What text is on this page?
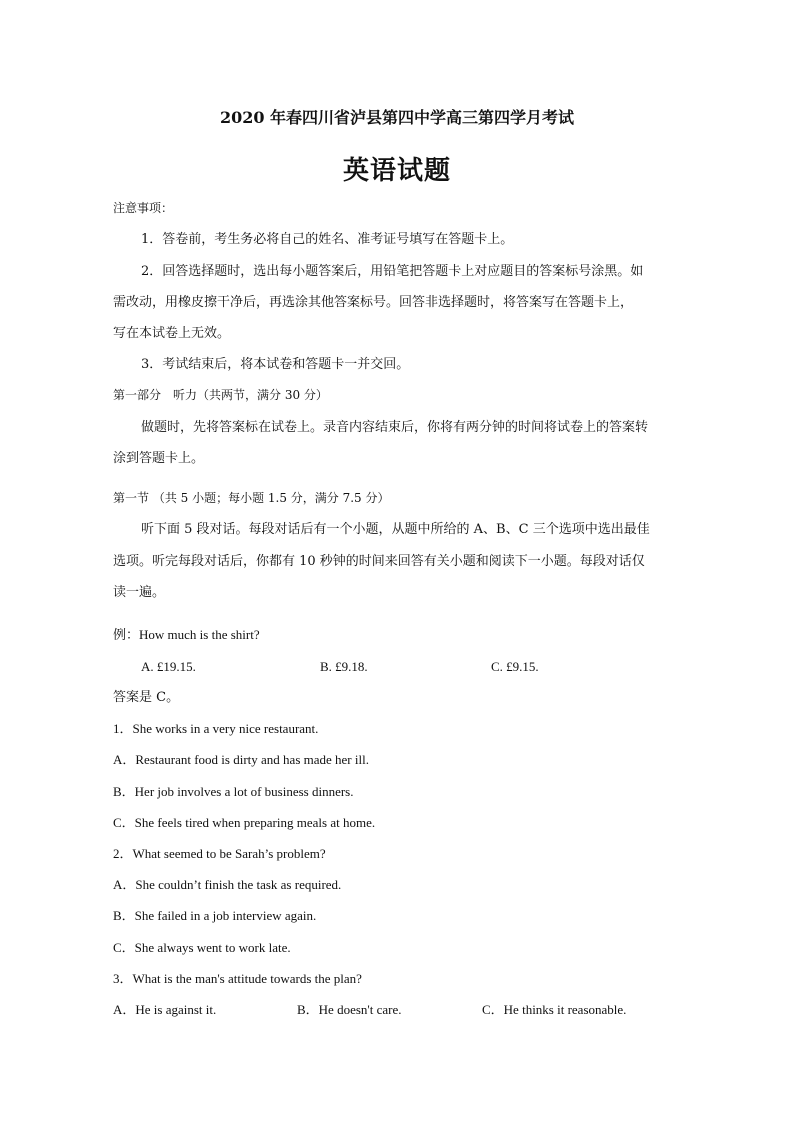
2020 年春四川省泸县第四中学高三第四学月考试
英语试题
注意事项：
1．答卷前，考生务必将自己的姓名、准考证号填写在答题卡上。
2．回答选择题时，选出每小题答案后，用铅笔把答题卡上对应题目的答案标号涂黑。如
需改动，用橡皮擦干净后，再选涂其他答案标号。回答非选择题时，将答案写在答题卡上，
写在本试卷上无效。
3．考试结束后，将本试卷和答题卡一并交回。
第一部分　听力（共两节，满分 30 分）
做题时，先将答案标在试卷上。录音内容结束后，你将有两分钟的时间将试卷上的答案转
涂到答题卡上。
第一节 （共 5 小题；每小题 1.5 分，满分 7.5 分）
听下面 5 段对话。每段对话后有一个小题，从题中所给的 A、B、C 三个选项中选出最佳
选项。听完每段对话后，你都有 10 秒钟的时间来回答有关小题和阅读下一小题。每段对话仅
读一遍。
例：How much is the shirt?
A. £19.15.	B. £9.18.	C. £9.15.
答案是 C。
1．She works in a very nice restaurant.
A．Restaurant food is dirty and has made her ill.
B．Her job involves a lot of business dinners.
C．She feels tired when preparing meals at home.
2．What seemed to be Sarah’s problem?
A．She couldn’t finish the task as required.
B．She failed in a job interview again.
C．She always went to work late.
3．What is the man's attitude towards the plan?
A．He is against it.	B．He doesn't care.	C．He thinks it reasonable.
